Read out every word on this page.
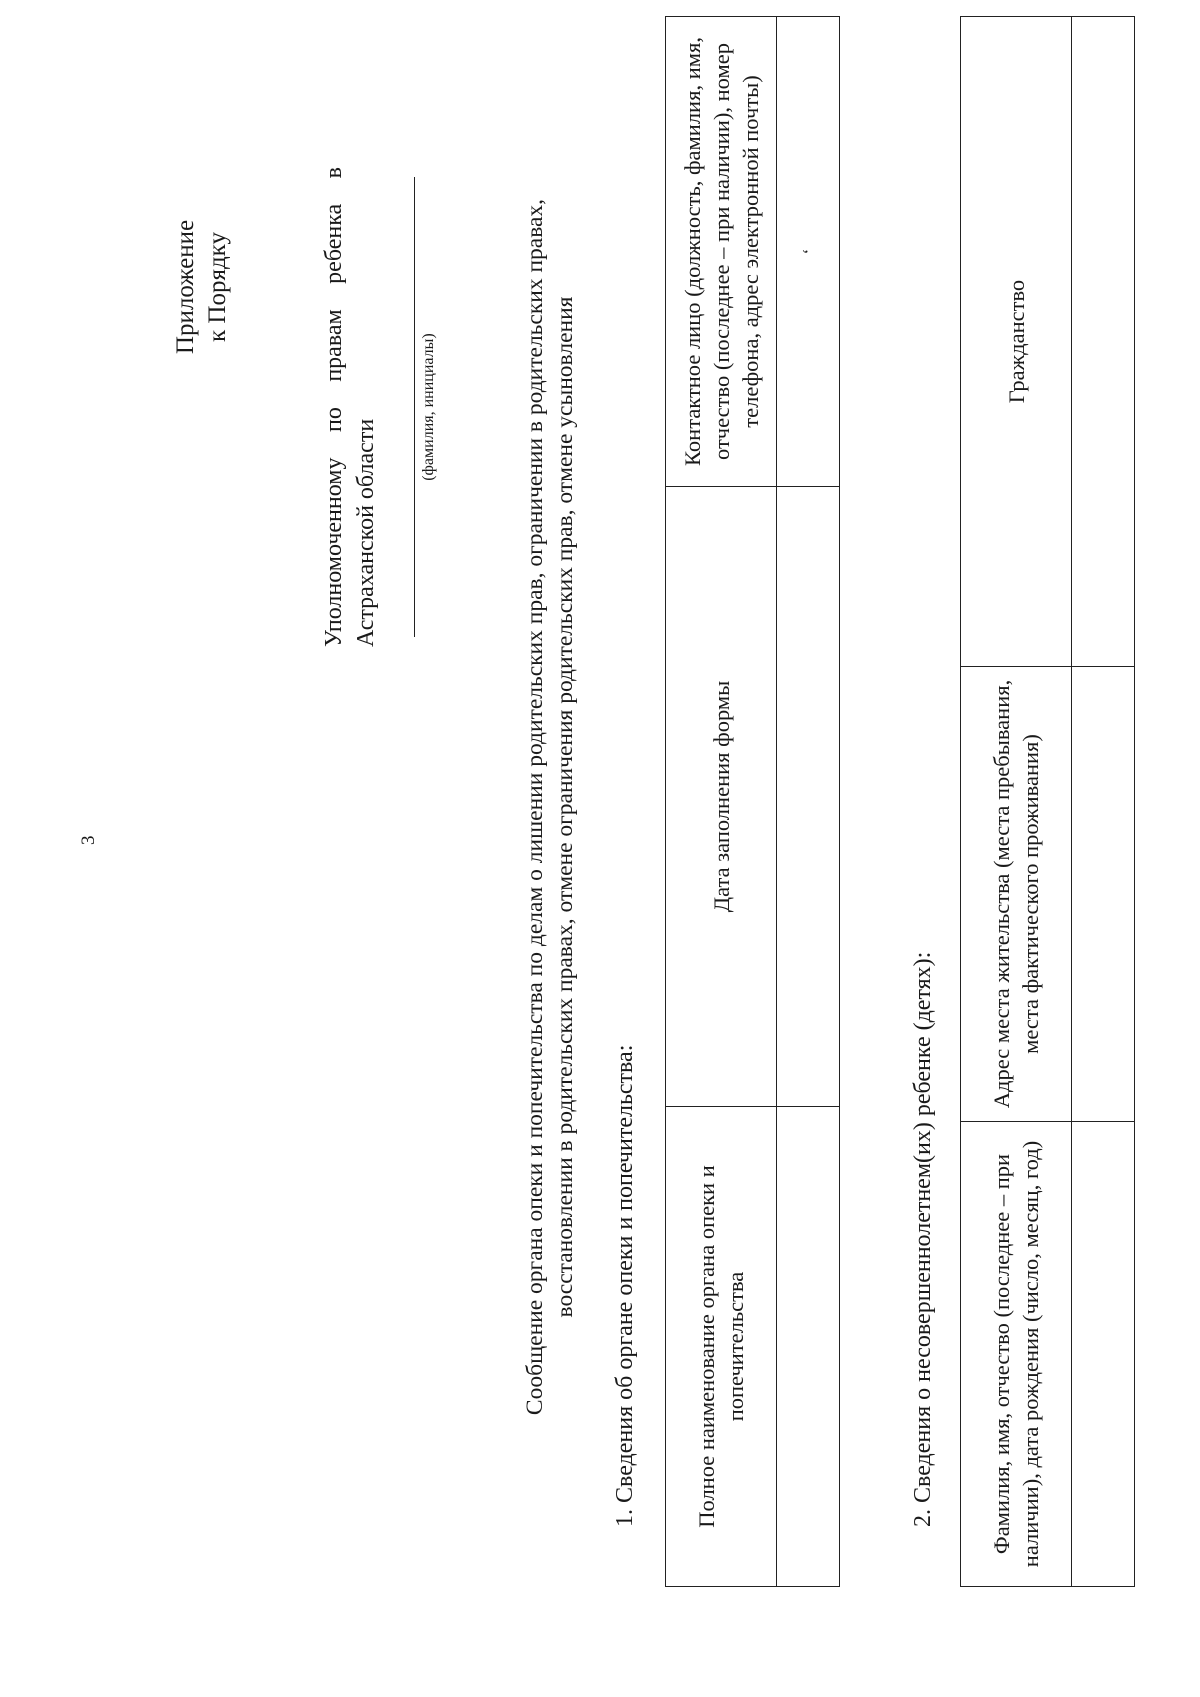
3
Приложение к Порядку	Уполномоченному по правам ребенка в Астраханской области
(фамилия, инициалы)	Сообщение органа опеки и попечительства по делам о лишении родительских прав, ограничении в родительских правах, восстановлении в родительских правах, отмене ограничения родительских прав, отмене усыновления 1. Сведения об органе опеки и попечительства: Полное наименование органа опеки и попечительства	Дата заполнения формы	Контактное лицо (должность, фамилия, имя, отчество (последнее – при наличии), номер телефона, адрес электронной почты)
		ʻ
2. Сведения о несовершеннолетнем(их) ребенке (детях): Фамилия, имя, отчество (последнее – при наличии), дата рождения (число, месяц, год)	Адрес места жительства (места пребывания, места фактического проживания)	Гражданство
